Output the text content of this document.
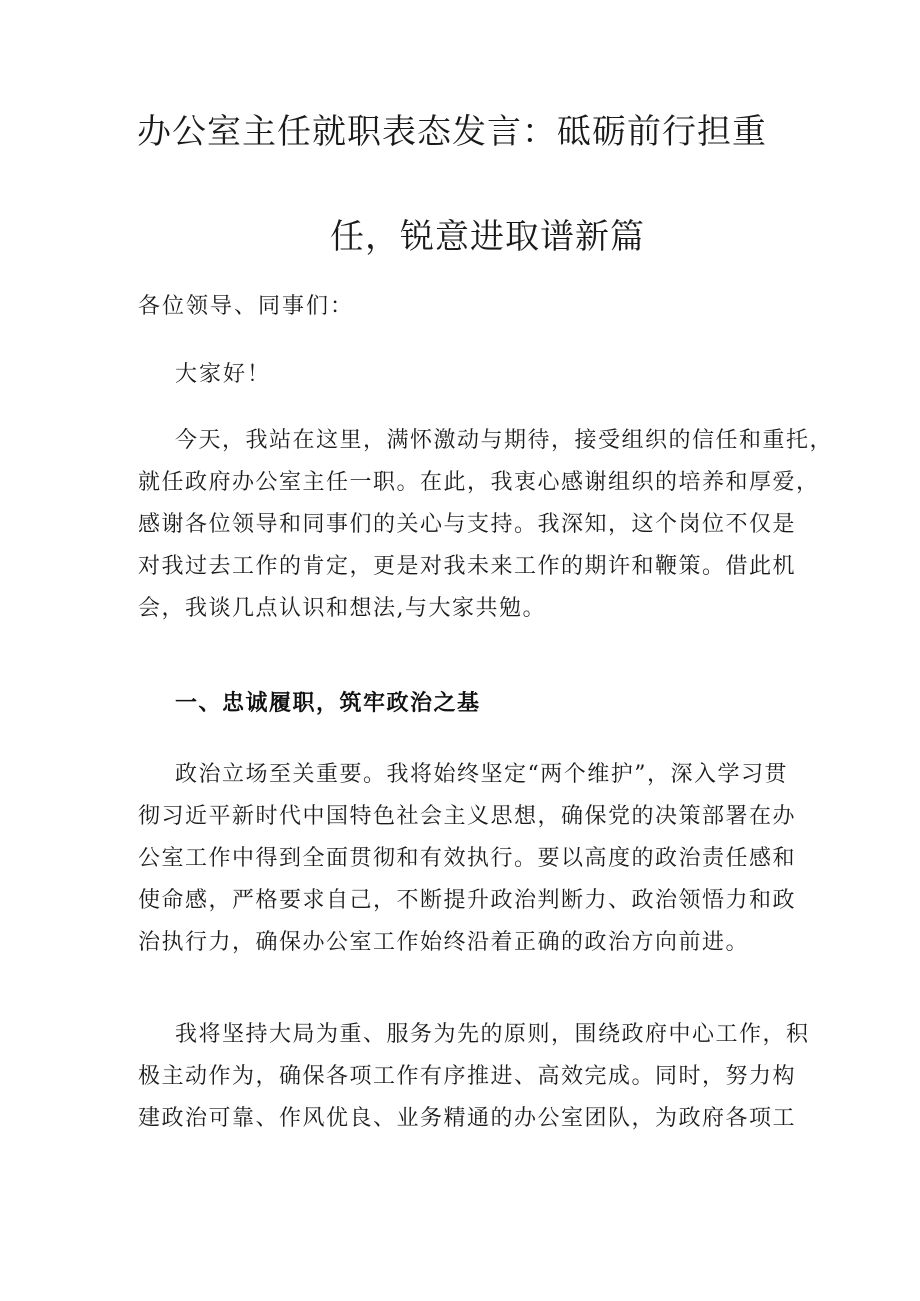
办公室主任就职表态发言：砥砺前行担重
任，锐意进取谱新篇
各位领导、同事们：
大家好！
今天，我站在这里，满怀激动与期待，接受组织的信任和重托，
就任政府办公室主任一职。在此，我衷心感谢组织的培养和厚爱，
感谢各位领导和同事们的关心与支持。我深知，这个岗位不仅是
对我过去工作的肯定，更是对我未来工作的期许和鞭策。借此机
会，我谈几点认识和想法,与大家共勉。
一、忠诚履职，筑牢政治之基
政治立场至关重要。我将始终坚定“两个维护”，深入学习贯
彻习近平新时代中国特色社会主义思想，确保党的决策部署在办
公室工作中得到全面贯彻和有效执行。要以高度的政治责任感和
使命感，严格要求自己，不断提升政治判断力、政治领悟力和政
治执行力，确保办公室工作始终沿着正确的政治方向前进。
我将坚持大局为重、服务为先的原则，围绕政府中心工作，积
极主动作为，确保各项工作有序推进、高效完成。同时，努力构
建政治可靠、作风优良、业务精通的办公室团队，为政府各项工
